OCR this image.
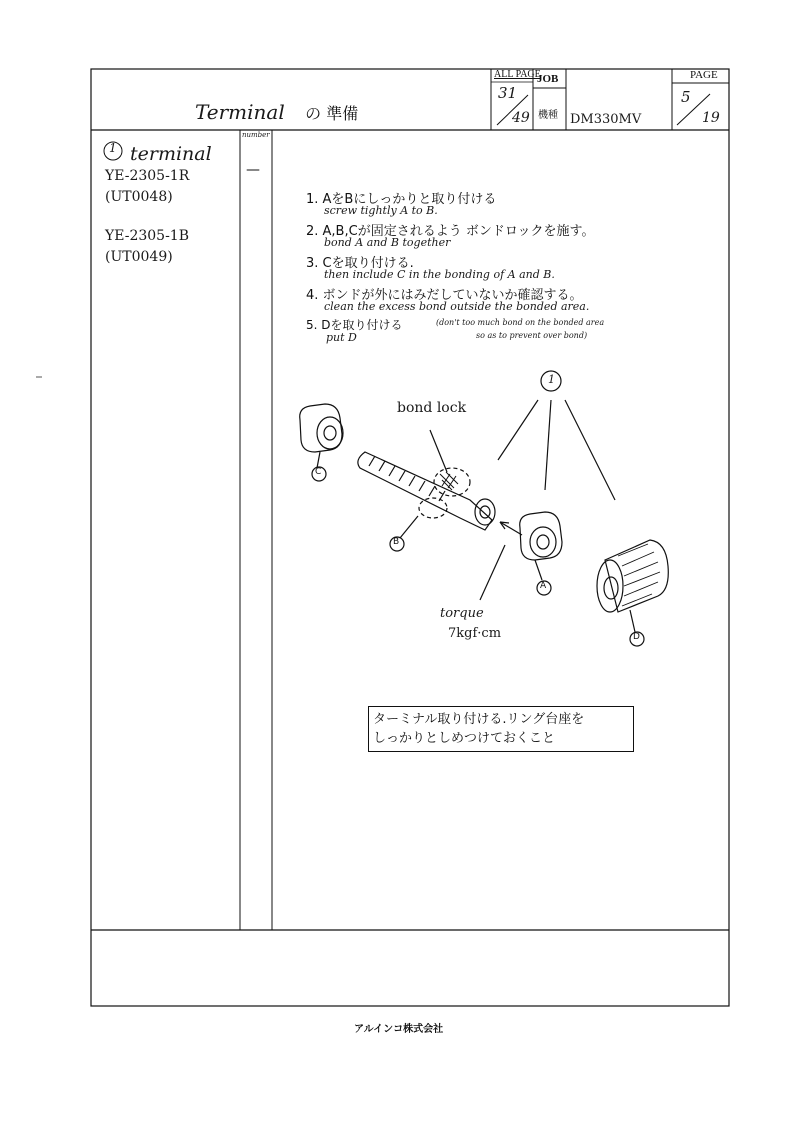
Terminal の 準備
ALL PAGE
31
49
JOB
機種 DM330MV
PAGE
5
19
1 terminal
YE-2305-1R
(UT0048)
YE-2305-1B
(UT0049)
number
—
1. AをBにしっかりと取り付ける
screw tightly A to B.
2. A,B,Cが固定されるよう ボンドロックを施す。
bond A and B together
3. Cを取り付ける.
then include C in the bonding of A and B.
4. ボンドが外にはみだしていないか確認する。
clean the excess bond outside the bonded area.
5. Dを取り付ける
put D
(don't too much bond on the bonded area
so as to prevent over bond)
1
bond lock
C
B
A
D
torque
7kgf·cm
ターミナル取り付ける.リング台座を
しっかりとしめつけておくこと
アルインコ株式会社
